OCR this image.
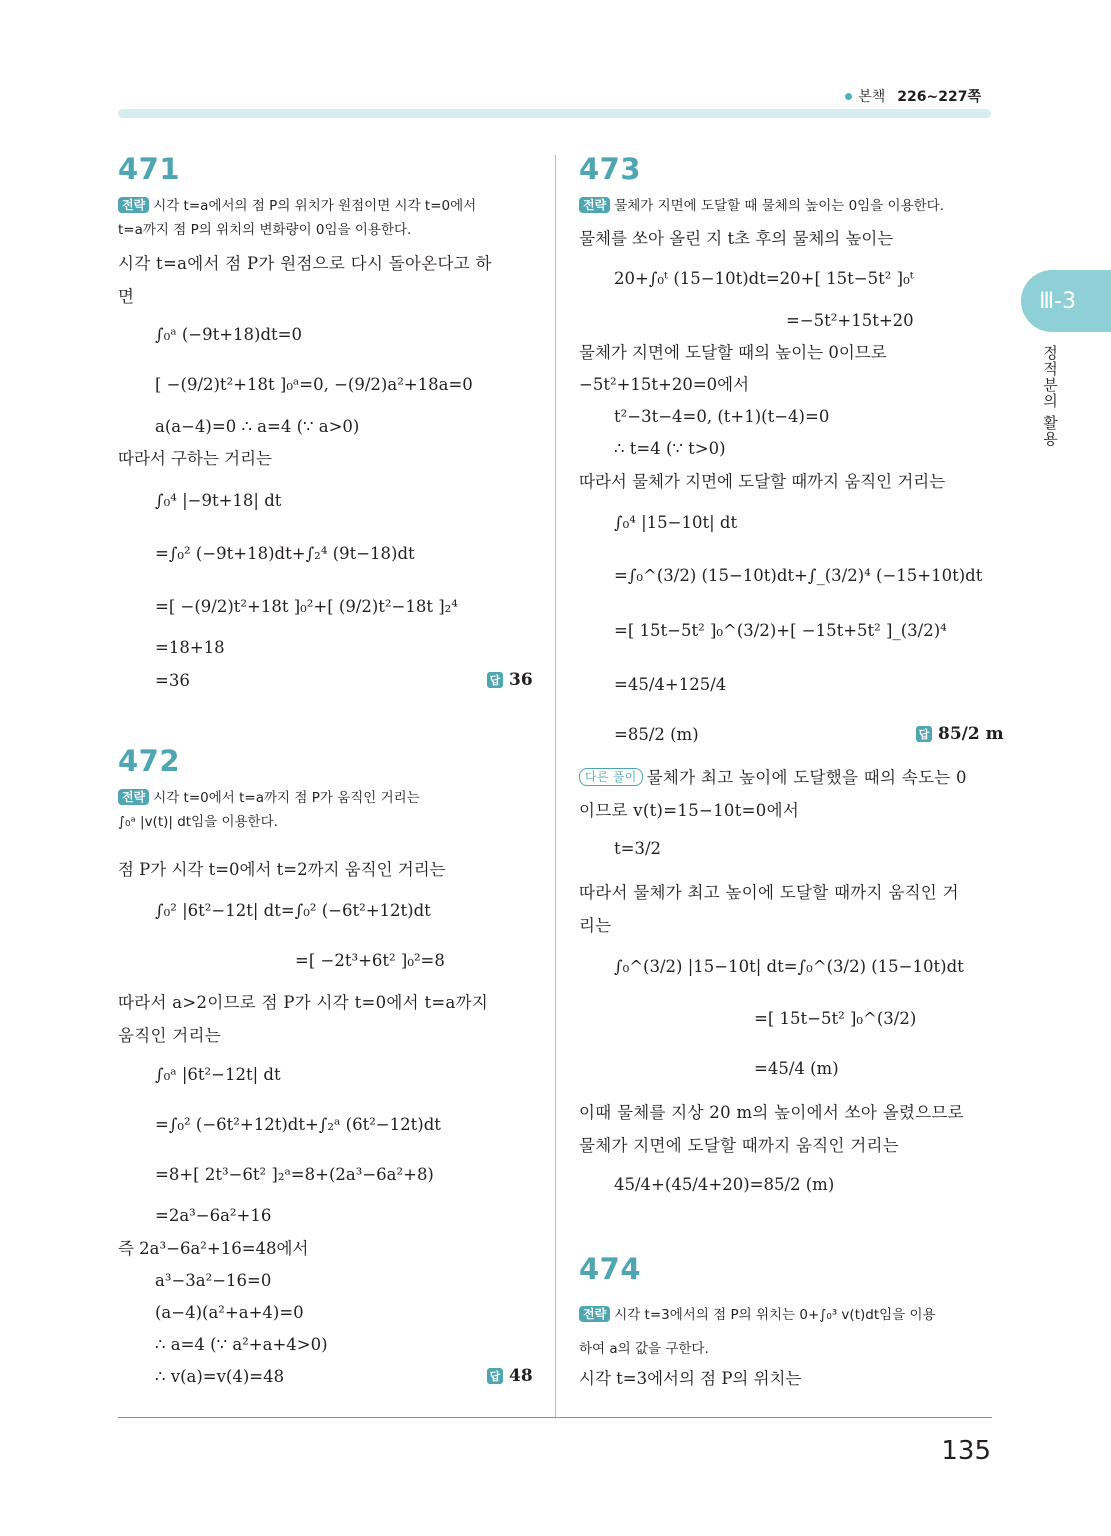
본책 226~227쪽
Ⅲ-3
정적분의 활용
471
전략 시각 t=a에서의 점 P의 위치가 원점이면 시각 t=0에서
t=a까지 점 P의 위치의 변화량이 0임을 이용한다.
시각 t=a에서 점 P가 원점으로 다시 돌아온다고 하
면
∫₀ᵃ (−9t+18)dt=0
[ −(9/2)t²+18t ]₀ᵃ=0, −(9/2)a²+18a=0
a(a−4)=0 ∴ a=4 (∵ a>0)
따라서 구하는 거리는
∫₀⁴ |−9t+18| dt
=∫₀² (−9t+18)dt+∫₂⁴ (9t−18)dt
=[ −(9/2)t²+18t ]₀²+[ (9/2)t²−18t ]₂⁴
=18+18
=36	답 36
472
전략 시각 t=0에서 t=a까지 점 P가 움직인 거리는
∫₀ᵃ |v(t)| dt임을 이용한다.
점 P가 시각 t=0에서 t=2까지 움직인 거리는
∫₀² |6t²−12t| dt=∫₀² (−6t²+12t)dt
=[ −2t³+6t² ]₀²=8
따라서 a>2이므로 점 P가 시각 t=0에서 t=a까지
움직인 거리는
∫₀ᵃ |6t²−12t| dt
=∫₀² (−6t²+12t)dt+∫₂ᵃ (6t²−12t)dt
=8+[ 2t³−6t² ]₂ᵃ=8+(2a³−6a²+8)
=2a³−6a²+16
즉 2a³−6a²+16=48에서
a³−3a²−16=0
(a−4)(a²+a+4)=0
∴ a=4 (∵ a²+a+4>0)
∴ v(a)=v(4)=48	답 48
473
전략 물체가 지면에 도달할 때 물체의 높이는 0임을 이용한다.
물체를 쏘아 올린 지 t초 후의 물체의 높이는
20+∫₀ᵗ (15−10t)dt=20+[ 15t−5t² ]₀ᵗ
=−5t²+15t+20
물체가 지면에 도달할 때의 높이는 0이므로
−5t²+15t+20=0에서
t²−3t−4=0, (t+1)(t−4)=0
∴ t=4 (∵ t>0)
따라서 물체가 지면에 도달할 때까지 움직인 거리는
∫₀⁴ |15−10t| dt
=∫₀^(3/2) (15−10t)dt+∫_(3/2)⁴ (−15+10t)dt
=[ 15t−5t² ]₀^(3/2)+[ −15t+5t² ]_(3/2)⁴
=45/4+125/4
=85/2 (m)	답 85/2 m
다른 풀이 물체가 최고 높이에 도달했을 때의 속도는 0
이므로 v(t)=15−10t=0에서
t=3/2
따라서 물체가 최고 높이에 도달할 때까지 움직인 거
리는
∫₀^(3/2) |15−10t| dt=∫₀^(3/2) (15−10t)dt
=[ 15t−5t² ]₀^(3/2)
=45/4 (m)
이때 물체를 지상 20 m의 높이에서 쏘아 올렸으므로
물체가 지면에 도달할 때까지 움직인 거리는
45/4+(45/4+20)=85/2 (m)
474
전략 시각 t=3에서의 점 P의 위치는 0+∫₀³ v(t)dt임을 이용
하여 a의 값을 구한다.
시각 t=3에서의 점 P의 위치는
135
